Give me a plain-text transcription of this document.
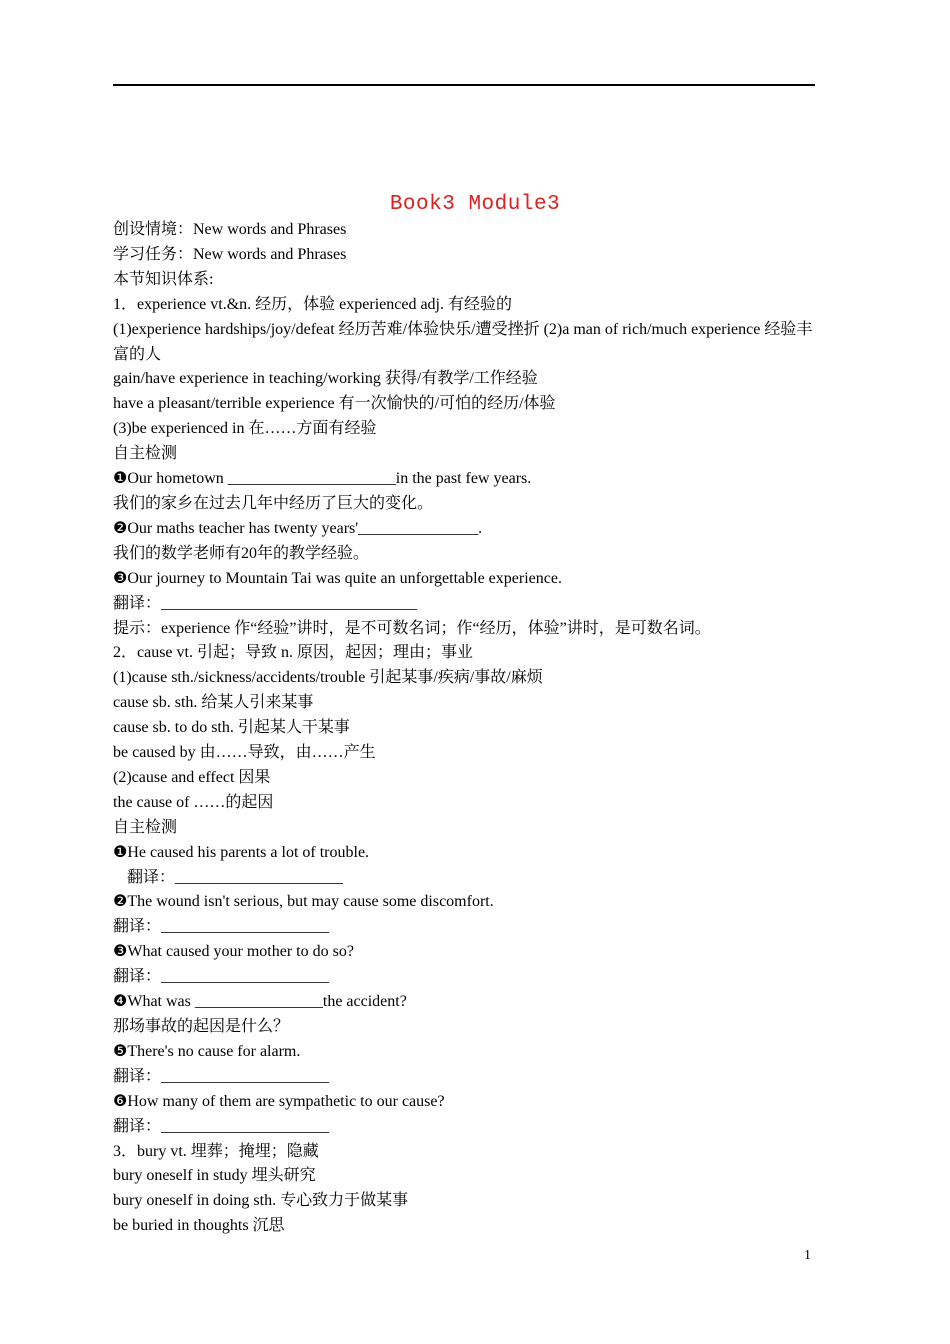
Book3 Module3
创设情境：New words and Phrases
学习任务：New words and Phrases
本节知识体系:
1．experience vt.&n. 经历，体验 experienced adj. 有经验的
(1)experience hardships/joy/defeat 经历苦难/体验快乐/遭受挫折 (2)a man of rich/much experience 经验丰富的人
gain/have experience in teaching/working 获得/有教学/工作经验
have a pleasant/terrible experience 有一次愉快的/可怕的经历/体验
(3)be experienced in 在……方面有经验
自主检测
❶Our hometown _____________________in the past few years.
我们的家乡在过去几年中经历了巨大的变化。
❷Our maths teacher has twenty years'_______________.
我们的数学老师有20年的教学经验。
❸Our journey to Mountain Tai was quite an unforgettable experience.
翻译：________________________________
提示：experience 作“经验”讲时，是不可数名词；作“经历，体验”讲时，是可数名词。
2．cause vt. 引起；导致 n. 原因，起因；理由；事业
(1)cause sth./sickness/accidents/trouble 引起某事/疾病/事故/麻烦
cause sb. sth. 给某人引来某事
cause sb. to do sth. 引起某人干某事
be caused by 由……导致，由……产生
(2)cause and effect 因果
the cause of ……的起因
自主检测
❶He caused his parents a lot of trouble.
翻译：_____________________
❷The wound isn't serious, but may cause some discomfort.
翻译：_____________________
❸What caused your mother to do so?
翻译：_____________________
❹What was ________________the accident?
那场事故的起因是什么？
❺There's no cause for alarm.
翻译：_____________________
❻How many of them are sympathetic to our cause?
翻译：_____________________
3．bury vt. 埋葬；掩埋；隐藏
bury oneself in study 埋头研究
bury oneself in doing sth. 专心致力于做某事
be buried in thoughts 沉思
1
